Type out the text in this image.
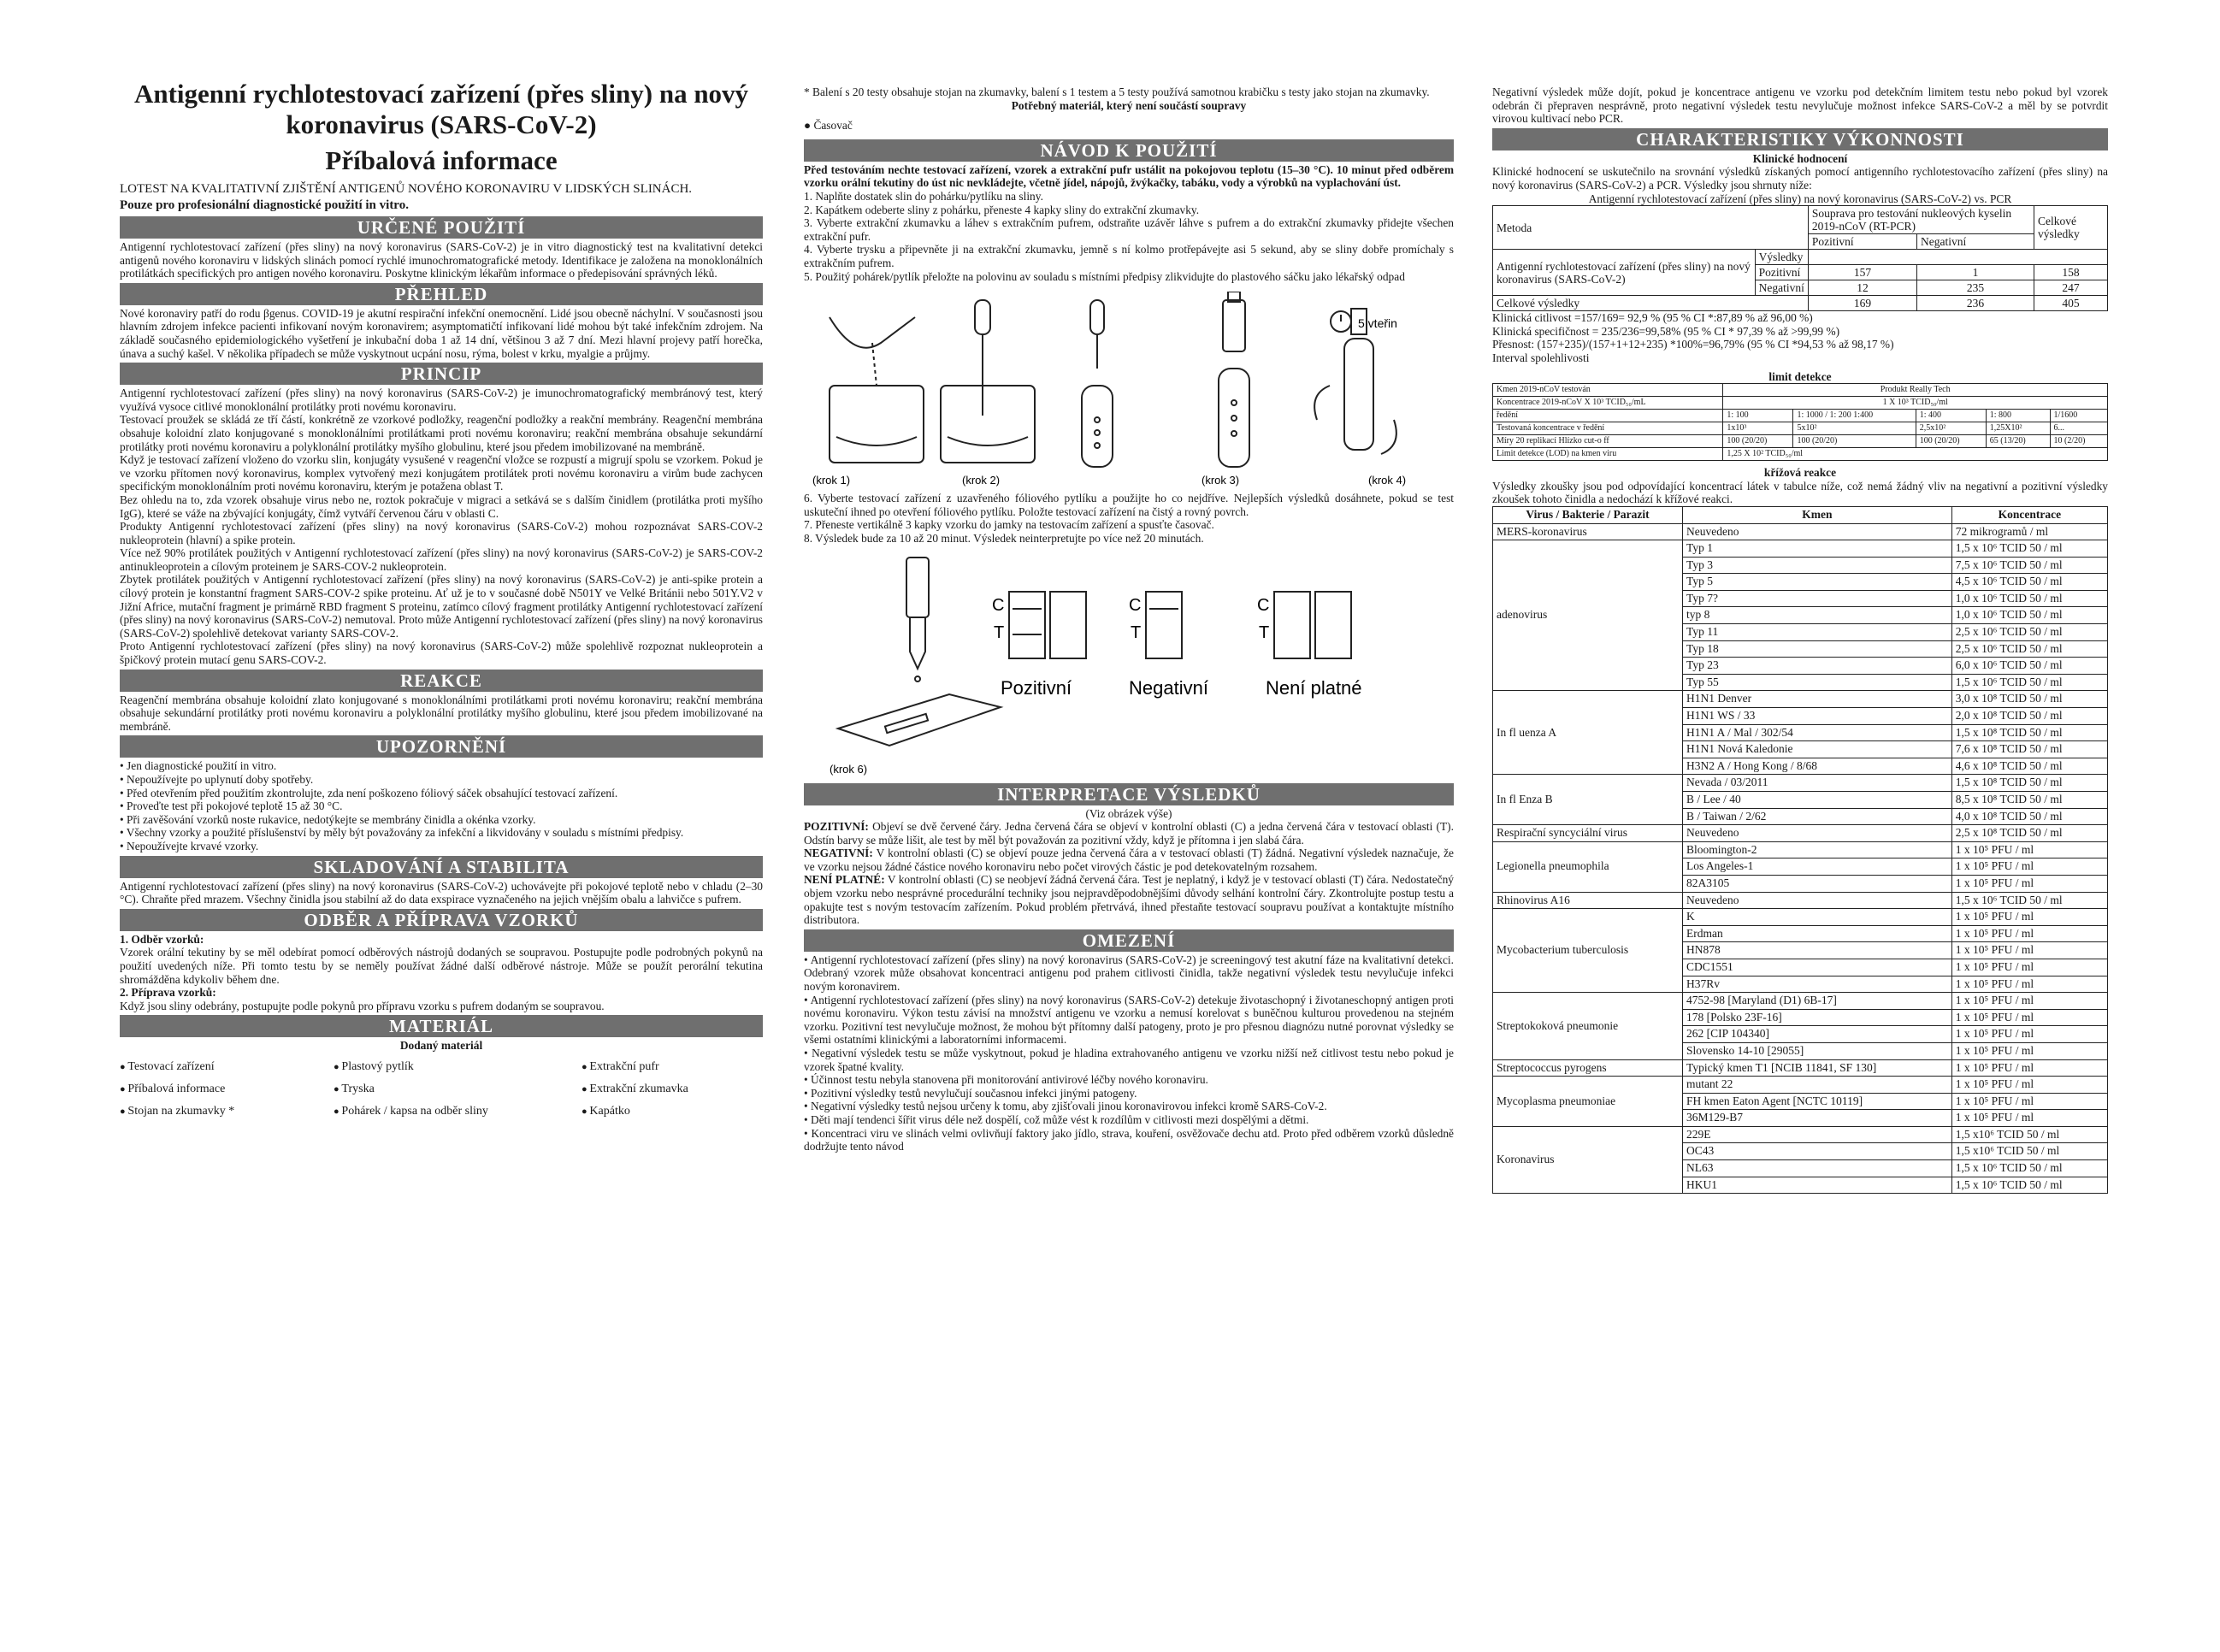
Antigenní rychlotestovací zařízení (přes sliny) na nový koronavirus (SARS-CoV-2)
Příbalová informace

LOTEST NA KVALITATIVNÍ ZJIŠTĚNÍ ANTIGENŮ NOVÉHO KORONAVIRU V LIDSKÝCH SLINÁCH.

Pouze pro profesionální diagnostické použití in vitro.

URČENÉ POUŽITÍ

Antigenní rychlotestovací zařízení (přes sliny) na nový koronavirus (SARS-CoV-2) je in vitro diagnostický test na kvalitativní detekci antigenů nového koronaviru v lidských slinách pomocí rychlé imunochromatografické metody. Identifikace je založena na monoklonálních protilátkách specifických pro antigen nového koronaviru. Poskytne klinickým lékařům informace o předepisování správných léků.

PŘEHLED

Nové koronaviry patří do rodu βgenus. COVID-19 je akutní respirační infekční onemocnění. Lidé jsou obecně náchylní. V současnosti jsou hlavním zdrojem infekce pacienti infikovaní novým koronavirem; asymptomatičtí infikovaní lidé mohou být také infekčním zdrojem. Na základě současného epidemiologického vyšetření je inkubační doba 1 až 14 dní, většinou 3 až 7 dní. Mezi hlavní projevy patří horečka, únava a suchý kašel. V několika případech se může vyskytnout ucpání nosu, rýma, bolest v krku, myalgie a průjmy.

PRINCIP

Antigenní rychlotestovací zařízení (přes sliny) na nový koronavirus (SARS-CoV-2) je imunochromatografický membránový test, který využívá vysoce citlivé monoklonální protilátky proti novému koronaviru.

Testovací proužek se skládá ze tří částí, konkrétně ze vzorkové podložky, reagenční podložky a reakční membrány. Reagenční membrána obsahuje koloidní zlato konjugované s monoklonálními protilátkami proti novému koronaviru; reakční membrána obsahuje sekundární protilátky proti novému koronaviru a polyklonální protilátky myšího globulinu, které jsou předem imobilizované na membráně.

Když je testovací zařízení vloženo do vzorku slin, konjugáty vysušené v reagenční vložce se rozpustí a migrují spolu se vzorkem. Pokud je ve vzorku přítomen nový koronavirus, komplex vytvořený mezi konjugátem protilátek proti novému koronaviru a virům bude zachycen specifickým monoklonálním proti novému koronaviru, kterým je potažena oblast T.

Bez ohledu na to, zda vzorek obsahuje virus nebo ne, roztok pokračuje v migraci a setkává se s dalším činidlem (protilátka proti myšího IgG), které se váže na zbývající konjugáty, čímž vytváří červenou čáru v oblasti C.

Produkty Antigenní rychlotestovací zařízení (přes sliny) na nový koronavirus (SARS-CoV-2) mohou rozpoznávat SARS-COV-2 nukleoprotein (hlavní) a spike protein.

Více než 90% protilátek použitých v Antigenní rychlotestovací zařízení (přes sliny) na nový koronavirus (SARS-CoV-2) je SARS-COV-2 antinukleoprotein a cílovým proteinem je SARS-COV-2 nukleoprotein.

Zbytek protilátek použitých v Antigenní rychlotestovací zařízení (přes sliny) na nový koronavirus (SARS-CoV-2) je anti-spike protein a cílový protein je konstantní fragment SARS-COV-2 spike proteinu. Ať už je to v současné době N501Y ve Velké Británii nebo 501Y.V2 v Jižní Africe, mutační fragment je primárně RBD fragment S proteinu, zatímco cílový fragment protilátky Antigenní rychlotestovací zařízení (přes sliny) na nový koronavirus (SARS-CoV-2) nemutoval. Proto může Antigenní rychlotestovací zařízení (přes sliny) na nový koronavirus (SARS-CoV-2) spolehlivě detekovat varianty SARS-COV-2.

Proto Antigenní rychlotestovací zařízení (přes sliny) na nový koronavirus (SARS-CoV-2) může spolehlivě rozpoznat nukleoprotein a špičkový protein mutací genu SARS-COV-2.

REAKCE

Reagenční membrána obsahuje koloidní zlato konjugované s monoklonálními protilátkami proti novému koronaviru; reakční membrána obsahuje sekundární protilátky proti novému koronaviru a polyklonální protilátky myšího globulinu, které jsou předem imobilizované na membráně.

UPOZORNĚNÍ
• Jen diagnostické použití in vitro.
• Nepoužívejte po uplynutí doby spotřeby.
• Před otevřením před použitím zkontrolujte, zda není poškozeno fóliový sáček obsahující testovací zařízení.
• Proveďte test při pokojové teplotě 15 až 30 °C.
• Při zavěšování vzorků noste rukavice, nedotýkejte se membrány činidla a okénka vzorky.
• Všechny vzorky a použité příslušenství by měly být považovány za infekční a likvidovány v souladu s místními předpisy.
• Nepoužívejte krvavé vzorky.
SKLADOVÁNÍ A STABILITA

Antigenní rychlotestovací zařízení (přes sliny) na nový koronavirus (SARS-CoV-2) uchovávejte při pokojové teplotě nebo v chladu (2–30 °C). Chraňte před mrazem. Všechny činidla jsou stabilní až do data exspirace vyznačeného na jejich vnějším obalu a lahvičce s pufrem.

ODBĚR A PŘÍPRAVA VZORKŮ

1. Odběr vzorků:

Vzorek orální tekutiny by se měl odebírat pomocí odběrových nástrojů dodaných se soupravou. Postupujte podle podrobných pokynů na použití uvedených níže. Při tomto testu by se neměly používat žádné další odběrové nástroje. Může se použít perorální tekutina shromážděna kdykoliv během dne.

2. Příprava vzorků:

Když jsou sliny odebrány, postupujte podle pokynů pro přípravu vzorku s pufrem dodaným se soupravou.

MATERIÁL

Dodaný materiál

● Testovací zařízení	● Plastový pytlík	● Extrakční pufr
● Příbalová informace	● Tryska	● Extrakční zkumavka
● Stojan na zkumavky *	● Pohárek / kapsa na odběr sliny	● Kapátko

* Balení s 20 testy obsahuje stojan na zkumavky, balení s 1 testem a 5 testy používá samotnou krabičku s testy jako stojan na zkumavky.

Potřebný materiál, který není součástí soupravy

● Časovač

NÁVOD K POUŽITÍ

Před testováním nechte testovací zařízení, vzorek a extrakční pufr ustálit na pokojovou teplotu (15–30 °C). 10 minut před odběrem vzorku orální tekutiny do úst nic nevkládejte, včetně jídel, nápojů, žvýkačky, tabáku, vody a výrobků na vyplachování úst.

1. Naplňte dostatek slin do pohárku/pytlíku na sliny.

2. Kapátkem odeberte sliny z pohárku, přeneste 4 kapky sliny do extrakční zkumavky.

3. Vyberte extrakční zkumavku a láhev s extrakčním pufrem, odstraňte uzávěr láhve s pufrem a do extrakční zkumavky přidejte všechen extrakční pufr.

4. Vyberte trysku a připevněte ji na extrakční zkumavku, jemně s ní kolmo protřepávejte asi 5 sekund, aby se sliny dobře promíchaly s extrakčním pufrem.

5. Použitý pohárek/pytlík přeložte na polovinu av souladu s místními předpisy zlikvidujte do plastového sáčku jako lékařský odpad

5 vteřin
(krok 1)	(krok 2)	(krok 3)	(krok 4)

6. Vyberte testovací zařízení z uzavřeného fóliového pytlíku a použijte ho co nejdříve. Nejlepších výsledků dosáhnete, pokud se test uskuteční ihned po otevření fóliového pytlíku. Položte testovací zařízení na čistý a rovný povrch.

7. Přeneste vertikálně 3 kapky vzorku do jamky na testovacím zařízení a spusťte časovač.

8. Výsledek bude za 10 až 20 minut. Výsledek neinterpretujte po více než 20 minutách.

C
T
C
T
C
T
Pozitivní	Negativní	Není platné
(krok 6)
INTERPRETACE VÝSLEDKŮ

(Viz obrázek výše)

POZITIVNÍ: Objeví se dvě červené čáry. Jedna červená čára se objeví v kontrolní oblasti (C) a jedna červená čára v testovací oblasti (T). Odstín barvy se může lišit, ale test by měl být považován za pozitivní vždy, když je přítomna i jen slabá čára.

NEGATIVNÍ: V kontrolní oblasti (C) se objeví pouze jedna červená čára a v testovací oblasti (T) žádná. Negativní výsledek naznačuje, že ve vzorku nejsou žádné částice nového koronaviru nebo počet virových částic je pod detekovatelným rozsahem.

NENÍ PLATNÉ: V kontrolní oblasti (C) se neobjeví žádná červená čára. Test je neplatný, i když je v testovací oblasti (T) čára. Nedostatečný objem vzorku nebo nesprávné procedurální techniky jsou nejpravděpodobnějšími důvody selhání kontrolní čáry. Zkontrolujte postup testu a opakujte test s novým testovacím zařízením. Pokud problém přetrvává, ihned přestaňte testovací soupravu používat a kontaktujte místního distributora.

OMEZENÍ
• Antigenní rychlotestovací zařízení (přes sliny) na nový koronavirus (SARS-CoV-2) je screeningový test akutní fáze na kvalitativní detekci. Odebraný vzorek může obsahovat koncentraci antigenu pod prahem citlivosti činidla, takže negativní výsledek testu nevylučuje infekci novým koronavirem.
• Antigenní rychlotestovací zařízení (přes sliny) na nový koronavirus (SARS-CoV-2) detekuje životaschopný i životaneschopný antigen proti novému koronaviru. Výkon testu závisí na množství antigenu ve vzorku a nemusí korelovat s buněčnou kulturou provedenou na stejném vzorku. Pozitivní test nevylučuje možnost, že mohou být přítomny další patogeny, proto je pro přesnou diagnózu nutné porovnat výsledky se všemi ostatními klinickými a laboratorními informacemi.
• Negativní výsledek testu se může vyskytnout, pokud je hladina extrahovaného antigenu ve vzorku nižší než citlivost testu nebo pokud je vzorek špatné kvality.
• Účinnost testu nebyla stanovena při monitorování antivirové léčby nového koronaviru.
• Pozitivní výsledky testů nevylučují současnou infekci jinými patogeny.
• Negativní výsledky testů nejsou určeny k tomu, aby zjišťovali jinou koronavirovou infekci kromě SARS-CoV-2.
• Děti mají tendenci šířit virus déle než dospělí, což může vést k rozdílům v citlivosti mezi dospělými a dětmi.
• Koncentraci viru ve slinách velmi ovlivňují faktory jako jídlo, strava, kouření, osvěžovače dechu atd. Proto před odběrem vzorků důsledně dodržujte tento návod

Negativní výsledek může dojít, pokud je koncentrace antigenu ve vzorku pod detekčním limitem testu nebo pokud byl vzorek odebrán či přepraven nesprávně, proto negativní výsledek testu nevylučuje možnost infekce SARS-CoV-2 a měl by se potvrdit virovou kultivací nebo PCR.

CHARAKTERISTIKY VÝKONNOSTI

Klinické hodnocení

Klinické hodnocení se uskutečnilo na srovnání výsledků získaných pomocí antigenního rychlotestovacího zařízení (přes sliny) na nový koronavirus (SARS-CoV-2) a PCR. Výsledky jsou shrnuty níže:

Antigenní rychlotestovací zařízení (přes sliny) na nový koronavirus (SARS-CoV-2) vs. PCR

Metoda		Souprava pro testování nukleových kyselin 2019-nCoV (RT-PCR)		Celkové výsledky
		Pozitivní	Negativní	
Antigenní rychlotestovací zařízení (přes sliny) na nový koronavirus (SARS-CoV-2)	Výsledky			
	Pozitivní	157	1	158
	Negativní	12	235	247
Celkové výsledky		169	236	405

Klinická citlivost =157/169= 92,9 % (95 % CI *:87,89 % až 96,00 %)

Klinická specifičnost = 235/236=99,58% (95 % CI * 97,39 % až >99,99 %)

Přesnost: (157+235)/(157+1+12+235) *100%=96,79% (95 % CI *94,53 % až 98,17 %)

Interval spolehlivosti

limit detekce

Kmen 2019-nCoV testován	Produkt Really Tech				
Koncentrace 2019-nCoV X 10³ TCID₅₀/mL	1 X 10³ TCID₅₀/ml				
ředění	1: 100	1: 1000 / 1: 200 1:400	1: 400	1: 800	1/1600
Testovaná koncentrace v ředění	1x10³	5x10²	2,5x10²	1,25X10²	6...
Míry 20 replikací Hlízko cut-o ff	100 (20/20)	100 (20/20)	100 (20/20)	65 (13/20)	10 (2/20)
Limit detekce (LOD) na kmen viru	1,25 X 10² TCID₅₀/ml				

křížová reakce

Výsledky zkoušky jsou pod odpovídající koncentrací látek v tabulce níže, což nemá žádný vliv na negativní a pozitivní výsledky zkoušek tohoto činidla a nedochází k křížové reakci.

Virus / Bakterie / Parazit	Kmen	Koncentrace
MERS-koronavirus	Neuvedeno	72 mikrogramů / ml
adenovirus	Typ 1	1,5 x 10⁶ TCID 50 / ml
	Typ 3	7,5 x 10⁶ TCID 50 / ml
	Typ 5	4,5 x 10⁶ TCID 50 / ml
	Typ 7?	1,0 x 10⁶ TCID 50 / ml
	typ 8	1,0 x 10⁶ TCID 50 / ml
	Typ 11	2,5 x 10⁶ TCID 50 / ml
	Typ 18	2,5 x 10⁶ TCID 50 / ml
	Typ 23	6,0 x 10⁶ TCID 50 / ml
	Typ 55	1,5 x 10⁶ TCID 50 / ml
In fl uenza A	H1N1 Denver	3,0 x 10⁸ TCID 50 / ml
	H1N1 WS / 33	2,0 x 10⁸ TCID 50 / ml
	H1N1 A / Mal / 302/54	1,5 x 10⁸ TCID 50 / ml
	H1N1 Nová Kaledonie	7,6 x 10⁸ TCID 50 / ml
	H3N2 A / Hong Kong / 8/68	4,6 x 10⁸ TCID 50 / ml
In fl Enza B	Nevada / 03/2011	1,5 x 10⁸ TCID 50 / ml
	B / Lee / 40	8,5 x 10⁸ TCID 50 / ml
	B / Taiwan / 2/62	4,0 x 10⁸ TCID 50 / ml
Respirační syncyciální virus	Neuvedeno	2,5 x 10⁸ TCID 50 / ml
Legionella pneumophila	Bloomington-2	1 x 10⁵ PFU / ml
	Los Angeles-1	1 x 10⁵ PFU / ml
	82A3105	1 x 10⁵ PFU / ml
Rhinovirus A16	Neuvedeno	1,5 x 10⁶ TCID 50 / ml
Mycobacterium tuberculosis	K	1 x 10⁵ PFU / ml
	Erdman	1 x 10⁵ PFU / ml
	HN878	1 x 10⁵ PFU / ml
	CDC1551	1 x 10⁵ PFU / ml
	H37Rv	1 x 10⁵ PFU / ml
Streptokoková pneumonie	4752-98 [Maryland (D1) 6B-17]	1 x 10⁵ PFU / ml
	178 [Polsko 23F-16]	1 x 10⁵ PFU / ml
	262 [CIP 104340]	1 x 10⁵ PFU / ml
	Slovensko 14-10 [29055]	1 x 10⁵ PFU / ml
Streptococcus pyrogens	Typický kmen T1 [NCIB 11841, SF 130]	1 x 10⁵ PFU / ml
Mycoplasma pneumoniae	mutant 22	1 x 10⁵ PFU / ml
	FH kmen Eaton Agent [NCTC 10119]	1 x 10⁵ PFU / ml
	36M129-B7	1 x 10⁵ PFU / ml
Koronavirus	229E	1,5 x10⁶ TCID 50 / ml
	OC43	1,5 x10⁶ TCID 50 / ml
	NL63	1,5 x 10⁶ TCID 50 / ml
	HKU1	1,5 x 10⁶ TCID 50 / ml
